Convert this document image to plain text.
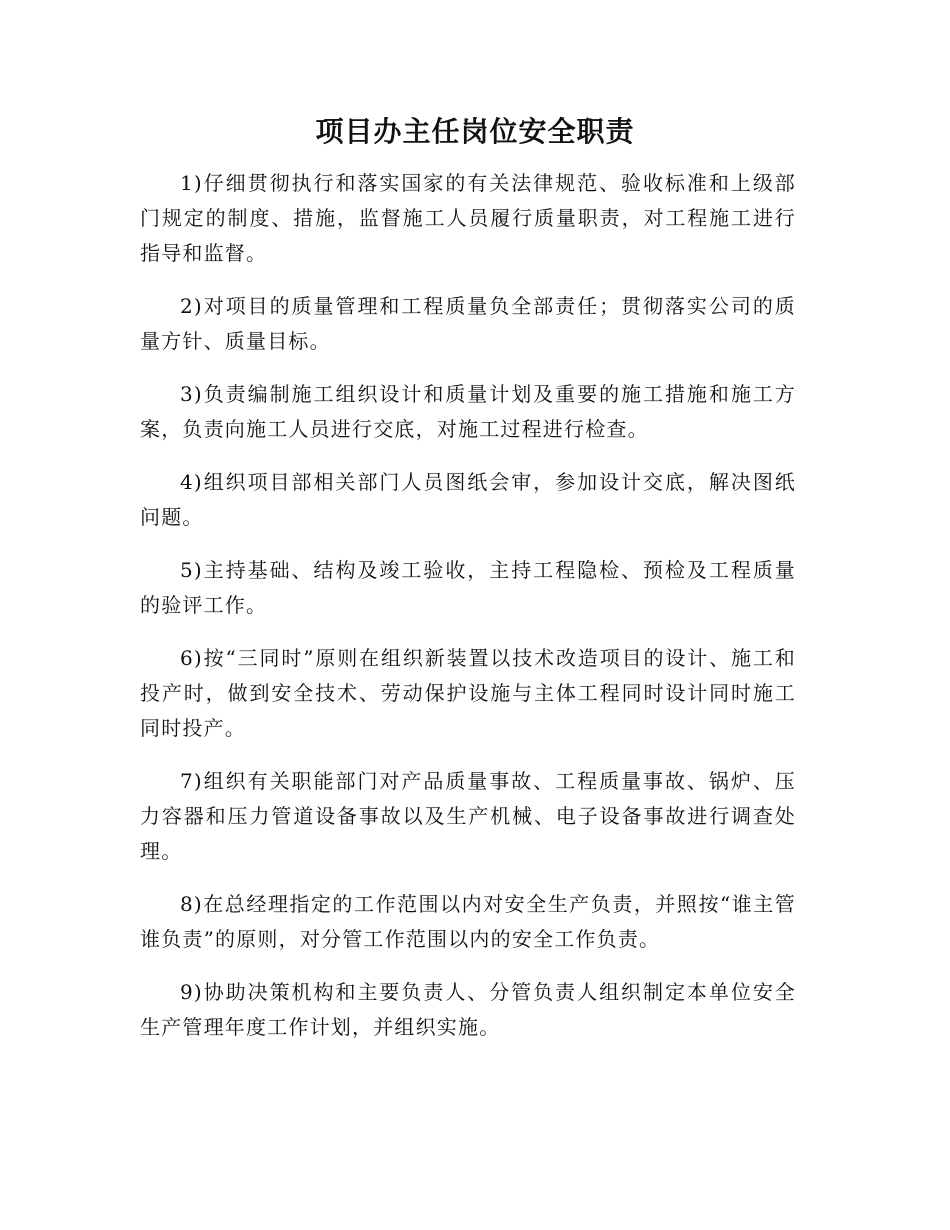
项目办主任岗位安全职责

1)仔细贯彻执行和落实国家的有关法律规范、验收标准和上级部门规定的制度、措施，监督施工人员履行质量职责，对工程施工进行指导和监督。

2)对项目的质量管理和工程质量负全部责任；贯彻落实公司的质量方针、质量目标。

3)负责编制施工组织设计和质量计划及重要的施工措施和施工方案，负责向施工人员进行交底，对施工过程进行检查。

4)组织项目部相关部门人员图纸会审，参加设计交底，解决图纸问题。

5)主持基础、结构及竣工验收，主持工程隐检、预检及工程质量的验评工作。

6)按“三同时”原则在组织新装置以技术改造项目的设计、施工和投产时，做到安全技术、劳动保护设施与主体工程同时设计同时施工同时投产。

7)组织有关职能部门对产品质量事故、工程质量事故、锅炉、压力容器和压力管道设备事故以及生产机械、电子设备事故进行调查处理。

8)在总经理指定的工作范围以内对安全生产负责，并照按“谁主管谁负责”的原则，对分管工作范围以内的安全工作负责。

9)协助决策机构和主要负责人、分管负责人组织制定本单位安全生产管理年度工作计划，并组织实施。
